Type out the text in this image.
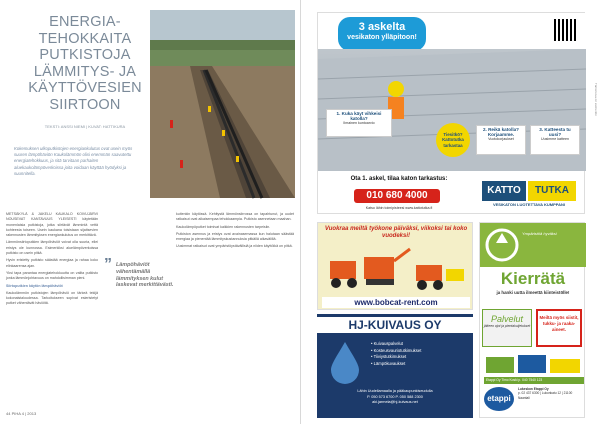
ENERGIA-TEHOKKAITA PUTKISTOJA LÄMMITYS- JA KÄYTTÖVESIEN SIIRTOON
TEKSTI: ANSSI NIEMI | KUVAT: HATTIKURA
Kokemuksen ulkoputkistojen energiankulutus ovat usein myös suuren lämpöhäviön Kaukolämmön olisi enemmän saavutettu energiatehokkuus, ja sitä tarvitaan parhaiten aluekaukolämpöverkoissa joita voidaan käyttää hyödyksi ja suunnitella.

METSÄKYLÄ & JAKELU KAUKALO KOIVUJÄRVI NOUSEVAT KANTAVUUS YLEISESTI käytetään monenlaisia putkistoja, jotka siirtävät lämmintä vettä kohteesta toiseen. Usein kaukana toisistaan sijaitsevien rakennusten lämmityksen energiankulutus on merkittävä.

Lämmönsiirtoputkien lämpöhäviöt voivat olla suuria, ellei eristys ole kunnossa. Esimerkiksi aluelämpöverkoissa putkisto on usein pitkä.

Hyvin eristetty putkisto säästää energiaa ja rahaa koko elinkaarensa ajan.

Yksi tapa parantaa energiatehokkuutta on valita putkisto jonka lämmönjohtavuus on mahdollisimman pieni.

Siirtoputkien käytön lämpöhäviöt

Kaukolämmön putkistojen lämpöhäviö on tärkeä tekijä kokonaistaloudessa. Tarkoitukseen sopivat esieristetyt putket vähentävät häviöitä.

” Lämpöhäviöt vähentämällä lämmityksen kulut laskevat merkittävästi.

kuitenkin käytössä. Kehitystä lämmönsiirrossa on tapahtunut, ja uudet ratkaisut ovat aikaisempaa tehokkaampia. Putkisto asennetaan maahan.

Kaukolämpöputket toimivat kaikkien rakennusten tarpeisiin.

Putkiston asennus ja eristys ovat avainasemassa kun halutaan säästää energiaa ja pienentää lämmityskustannuksia pitkällä aikavälillä.

Uusimmat ratkaisut ovat ympäristöystävällisiä ja niiden käyttöikä on pitkä.

44 PIHA 4 | 2013
3 askelta
vesikaton ylläpitoon!
1. Kuka käyt vihkeisi katolla?
Ilmainen kuntoarvio
Tiesitkö? Kattotutka tarkastaa
2. Reikä katolla? Korjaamme.
Vuotokorjaukset
3. Katteesta tu uusi?
Uusimme katteen
Ota 1. askel, tilaa katon tarkastus:
010 680 4000
Katso lähin toimipisteesi www.kattotutka.fi
KATTO	TUTKA
VESIKATON LUOTETTAVA KUMPPANI
Tämä kuva on esimerkki
Vuokraa meiltä työkone päiväksi, viikoksi tai koko vuodeksi!
www.bobcat-rent.com
HJ-KUIVAUS OY
• Kuivauspalvelut
• Kosteusvauriotutkimukset
• Tiiviystutkimukset
• Lämpökuvaukset
Lähin Uudellamaalla ja pääkaupunkiseudulla
P. 050 573 6700 P. 050 588 2300
aki.jarmela@hj-kuivaus.net
Ympäristöä hyväksi
Kierrätä
ja hanki uutta ilmeettä kiinteistölle!
Palvelut
jätteen ajot ja pientakuljetukset
Meiltä myös siistit, tukku- ja raaka-aineet.
Etappi Oy Timo Koski p. 040 7540 123
etappi
Lukeskon Etappi Oy
p. 02 437 6300 | Lukonkatu 12 | 21100 Naantali
